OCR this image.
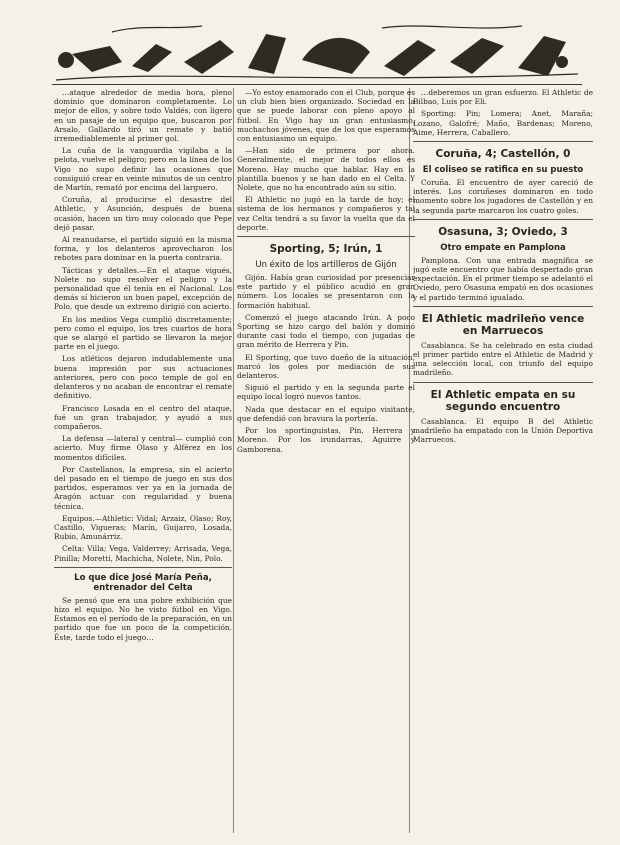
…ataque alrededor de media hora, pleno dominio que dominaron completamente. Lo mejor de ellos, y sobre todo Valdés, con ligero en un pasaje de un equipo que, buscaron por Arsalo, Gallardo tiró un remate y batió irremediablemente al primer gol.

La cuña de la vanguardia vigilaba a la pelota, vuelve el peligro; pero en la línea de los Vigo no supo definir las ocasiones que consiguió crear en veinte minutos de un centro de Martín, remató por encima del larguero.

Coruña, al producirse el desastre del Athletic, y Asunción, después de buena ocasión, hacen un tiro muy colocado que Pepe dejó pasar.

Al reanudarse, el partido siguió en la misma forma, y los delanteros aprovecharon los rebotes para dominar en la puerta contraria.

Tácticas y detalles.—En el ataque vigués, Nolete no supo resolver el peligro y la personalidad que él tenía en el Nacional. Los demás sí hicieron un buen papel, excepción de Polo, que desde un extremo dirigió con acierto.

En los medios Vega cumplió discretamente; pero como el equipo, los tres cuartos de hora que se alargó el partido se llevaron la mejor parte en el juego.

Los atléticos dejaron indudablemente una buena impresión por sus actuaciones anteriores, pero con poco temple de gol en delanteros y no acaban de encontrar el remate definitivo.

Francisco Losada en el centro del ataque, fué un gran trabajador, y ayudó a sus compañeros.

La defensa —lateral y central— cumplió con acierto. Muy firme Olaso y Alférez en los momentos difíciles.

Por Castellanos, la empresa, sin el acierto del pasado en el tiempo de juego en sus dos partidos, esperamos ver ya en la jornada de Aragón actuar con regularidad y buena técnica.

Equipos.—Athletic: Vidal; Arzaiz, Olaso; Roy, Castillo, Vigueras; Marín, Guijarro, Losada, Rubio, Amunárriz.

Celta: Villa; Vega, Valderrey; Arrisada, Vega, Pinilla; Moretti, Machicha, Nolete, Nin, Polo.

Lo que dice José María Peña, entrenador del Celta

Se pensó que era una pobre exhibición que hizo el equipo. No he visto fútbol en Vigo. Estamos en el período de la preparación, en un partido que fue un poco de la competición. Éste, tarde todo el juego…

—Yo estoy enamorado con el Club, porque es un club bien bien organizado. Sociedad en la que se puede laborar con pleno apoyo al fútbol. En Vigo hay un gran entusiasmo, muchachos jóvenes, que de los que esperamos con entusiasmo un equipo.

—Han sido de primera por ahora. Generalmente, el mejor de todos ellos es Moreno. Hay mucho que hablar. Hay en la plantilla buenos y se han dado en el Celta. Y Nolete, que no ha encontrado aún su sitio.

El Athletic no jugó en la tarde de hoy; el sistema de los hermanos y compañeros y tal vez Celta tendrá a su favor la vuelta que da el deporte.

Sporting, 5; Irún, 1
Un éxito de los artilleros de Gijón

Gijón. Había gran curiosidad por presenciar este partido y el público acudió en gran número. Los locales se presentaron con la formación habitual.

Comenzó el juego atacando Irún. A poco Sporting se hizo cargo del balón y dominó durante casi todo el tiempo, con jugadas de gran mérito de Herrera y Pin.

El Sporting, que tuvo dueño de la situación, marcó los goles por mediación de sus delanteros.

Siguió el partido y en la segunda parte el equipo local logró nuevos tantos.

Nada que destacar en el equipo visitante, que defendió con bravura la portería.

Por los sportinguistas, Pin, Herrera y Moreno. Por los irundarras, Aguirre y Gamborena.

…deberemos un gran esfuerzo. El Athletic de Bilbao, Luis por Eli.

Sporting: Pin; Lomera; Anet, Maraña; Lozano, Galofré; Maño, Bardenas; Moreno, Aime, Herrera, Caballero.

Coruña, 4; Castellón, 0
El coliseo se ratifica en su puesto

Coruña. El encuentro de ayer careció de interés. Los coruñeses dominaron en todo momento sobre los jugadores de Castellón y en la segunda parte marcaron los cuatro goles.

Osasuna, 3; Oviedo, 3
Otro empate en Pamplona

Pamplona. Con una entrada magnífica se jugó este encuentro que había despertado gran expectación. En el primer tiempo se adelantó el Oviedo, pero Osasuna empató en dos ocasiones y el partido terminó igualado.

El Athletic madrileño vence en Marruecos

Casablanca. Se ha celebrado en esta ciudad el primer partido entre el Athletic de Madrid y una selección local, con triunfo del equipo madrileño.

El Athletic empata en su segundo encuentro

Casablanca. El equipo B del Athletic madrileño ha empatado con la Unión Deportiva Marruecos.
